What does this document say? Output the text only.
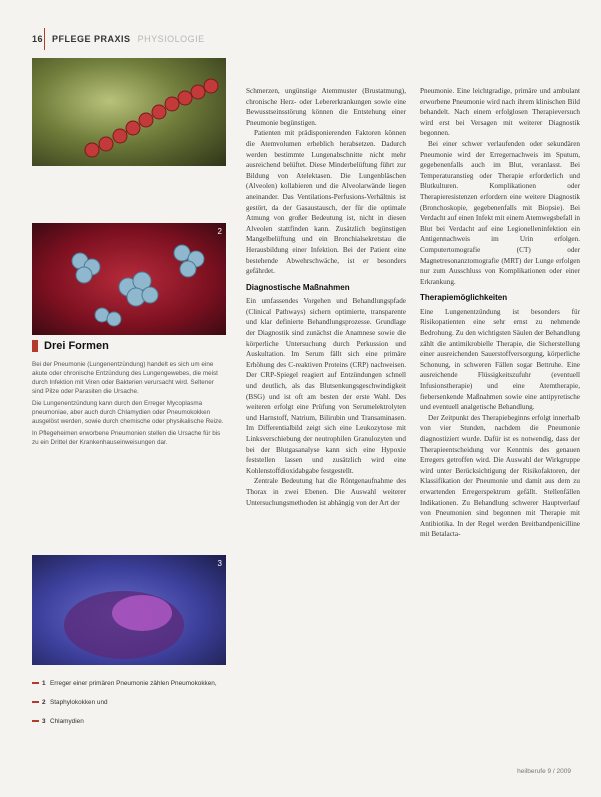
16 PFLEGE PRAXIS PHYSIOLOGIE
2
Drei Formen

Bei der Pneumonie (Lungenentzündung) handelt es sich um eine akute oder chronische Entzündung des Lungengewebes, die meist durch Infektion mit Viren oder Bakterien verursacht wird. Seltener sind Pilze oder Parasiten die Ursache.

Die Lungenentzündung kann durch den Erreger Mycoplasma pneumoniae, aber auch durch Chlamydien oder Pneumokokken ausgelöst werden, sowie durch chemische oder physikalische Reize.

In Pflegeheimen erworbene Pneumonien stellen die Ursache für bis zu ein Drittel der Krankenhauseinweisungen dar.

3
1 Erreger einer primären Pneumonie zählen Pneumokokken,
2 Staphylokokken und
3 Chlamydien

Schmerzen, ungünstige Atemmuster (Brustatmung), chronische Herz- oder Lebererkrankungen sowie eine Bewusstseinsstörung können die Entstehung einer Pneumonie begünstigen.

Patienten mit prädisponierenden Faktoren können die Atemvolumen erheblich herabsetzen. Dadurch werden bestimmte Lungenabschnitte nicht mehr ausreichend belüftet. Diese Minderbelüftung führt zur Bildung von Atelektasen. Die Lungenbläschen (Alveolen) kollabieren und die Alveolarwände liegen aneinander. Das Ventilations-Perfusions-Verhältnis ist gestört, da der Gasaustausch, der für die optimale Atmung von großer Bedeutung ist, nicht in diesen Alveolen stattfinden kann. Zusätzlich begünstigen Mangelbelüftung und ein Bronchialsekretstau die Herausbildung einer Infektion. Bei der Patient eine bestehende Abwehrschwäche, ist er besonders gefährdet.

Diagnostische Maßnahmen

Ein umfassendes Vorgehen und Behandlungspfade (Clinical Pathways) sichern optimierte, transparente und klar definierte Behandlungsprozesse. Grundlage der Diagnostik sind zunächst die Anamnese sowie die körperliche Untersuchung durch Perkussion und Auskultation. Im Serum fällt sich eine primäre Erhöhung des C-reaktiven Proteins (CRP) nachweisen. Der CRP-Spiegel reagiert auf Entzündungen schnell und deutlich, als das Blutsenkungsgeschwindigkeit (BSG) und ist oft am besten der erste Wahl. Des weiteren erfolgt eine Prüfung von Serumelektrolyten und Harnstoff, Natrium, Bilirubin und Transaminasen. Im Differentialbild zeigt sich eine Leukozytose mit Linksverschiebung der neutrophilen Granulozyten und bei der Blutgasanalyse kann sich eine Hypoxie feststellen lassen und zusätzlich wird eine Kohlenstoffdioxidabgabe festgestellt.

Zentrale Bedeutung hat die Röntgenaufnahme des Thorax in zwei Ebenen. Die Auswahl weiterer Untersuchungsmethoden ist abhängig von der Art der

Pneumonie. Eine leichtgradige, primäre und ambulant erworbene Pneumonie wird nach ihrem klinischen Bild behandelt. Nach einem erfolglosen Therapieversuch wird erst bei Versagen mit weiterer Diagnostik begonnen.

Bei einer schwer verlaufenden oder sekundären Pneumonie wird der Erregernachweis im Sputum, gegebenenfalls auch im Blut, veranlasst. Bei Temperaturanstieg oder Therapie erforderlich und Blutkulturen. Komplikationen oder Therapieresistenzen erfordern eine weitere Diagnostik (Bronchoskopie, gegebenenfalls mit Biopsie). Bei Verdacht auf einen Infekt mit einem Atemwegsbefall in Blut bei Verdacht auf eine Legionelleninfektion ein Antigennachweis im Urin erfolgen. Computertomografie (CT) oder Magnetresonanztomografie (MRT) der Lunge erfolgen nur zum Ausschluss von Komplikationen oder einer Erkrankung.

Therapiemöglichkeiten

Eine Lungenentzündung ist besonders für Risikopatienten eine sehr ernst zu nehmende Bedrohung. Zu den wichtigsten Säulen der Behandlung zählt die antimikrobielle Therapie, die Sicherstellung einer ausreichenden Sauerstoffversorgung, körperliche Schonung, in schweren Fällen sogar Bettruhe. Eine ausreichende Flüssigkeitszufuhr (eventuell Infusionstherapie) und eine Atemtherapie, fiebersenkende Maßnahmen sowie eine antipyretische und eventuell analgetische Behandlung.

Der Zeitpunkt des Therapiebeginns erfolgt innerhalb von vier Stunden, nachdem die Pneumonie diagnostiziert wurde. Dafür ist es notwendig, dass der Therapieentscheidung vor Kenntnis des genauen Erregers getroffen wird. Die Auswahl der Wirkgruppe wird unter Berücksichtigung der Risikofaktoren, der Klassifikation der Pneumonie und damit aus dem zu erwartenden Erregerspektrum gefällt. Stellenfällen Indikationen. Zu Behandlung schwerer Hauptverlauf von Pneumonien sind begonnen mit Therapie mit Antibiotika. In der Regel werden Breitbandpenicilline mit Betalacta-

heilberufe 9 / 2009
